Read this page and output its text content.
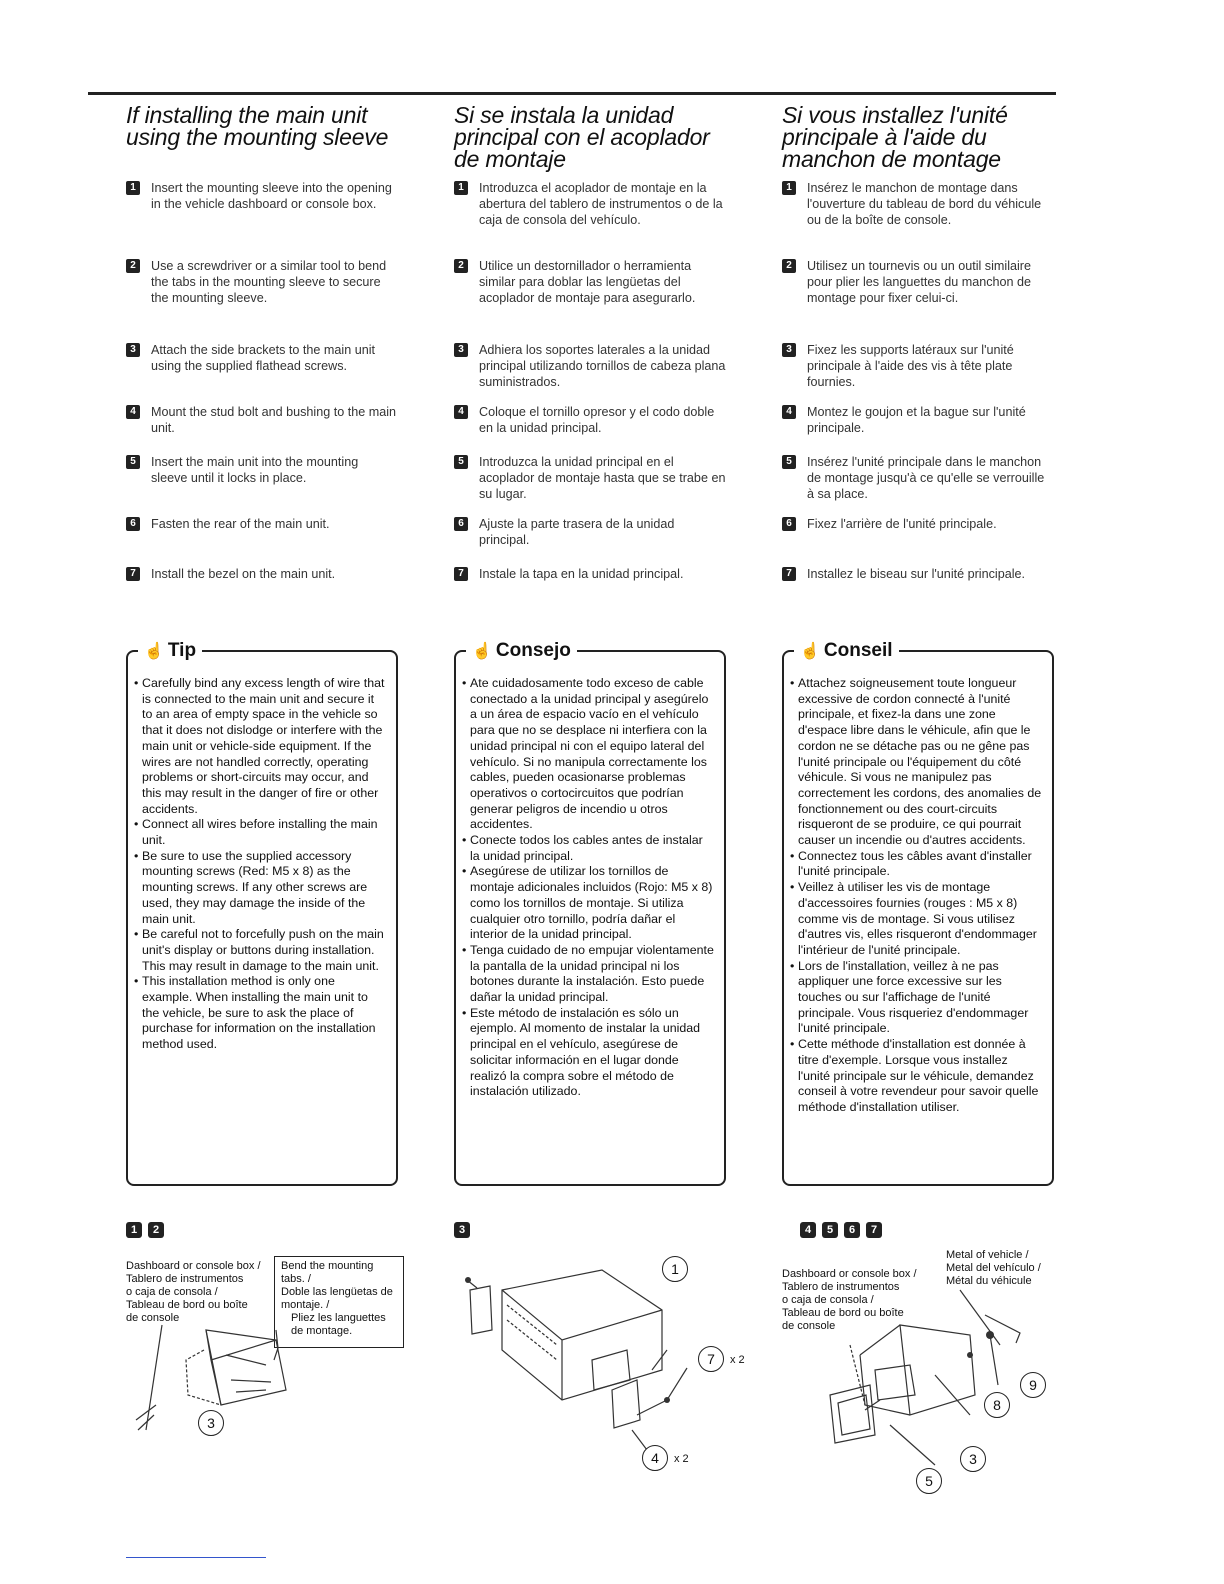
If installing the main unit using the mounting sleeve
Si se instala la unidad principal con el acoplador de montaje
Si vous installez l'unité principale à l'aide du manchon de montage
1	Insert the mounting sleeve into the opening in the vehicle dashboard or console box.
2	Use a screwdriver or a similar tool to bend the tabs in the mounting sleeve to secure the mounting sleeve.
3	Attach the side brackets to the main unit using the supplied flathead screws.
4	Mount the stud bolt and bushing to the main unit.
5	Insert the main unit into the mounting sleeve until it locks in place.
6	Fasten the rear of the main unit.
7	Install the bezel on the main unit.
1	Introduzca el acoplador de montaje en la abertura del tablero de instrumentos o de la caja de consola del vehículo.
2	Utilice un destornillador o herramienta similar para doblar las lengüetas del acoplador de montaje para asegurarlo.
3	Adhiera los soportes laterales a la unidad principal utilizando tornillos de cabeza plana suministrados.
4	Coloque el tornillo opresor y el codo doble en la unidad principal.
5	Introduzca la unidad principal en el acoplador de montaje hasta que se trabe en su lugar.
6	Ajuste la parte trasera de la unidad principal.
7	Instale la tapa en la unidad principal.
1	Insérez le manchon de montage dans l'ouverture du tableau de bord du véhicule ou de la boîte de console.
2	Utilisez un tournevis ou un outil similaire pour plier les languettes du manchon de montage pour fixer celui-ci.
3	Fixez les supports latéraux sur l'unité principale à l'aide des vis à tête plate fournies.
4	Montez le goujon et la bague sur l'unité principale.
5	Insérez l'unité principale dans le manchon de montage jusqu'à ce qu'elle se verrouille à sa place.
6	Fixez l'arrière de l'unité principale.
7	Installez le biseau sur l'unité principale.
☝ Tip
• Carefully bind any excess length of wire that is connected to the main unit and secure it to an area of empty space in the vehicle so that it does not dislodge or interfere with the main unit or vehicle-side equipment. If the wires are not handled correctly, operating problems or short-circuits may occur, and this may result in the danger of fire or other accidents.
• Connect all wires before installing the main unit.
• Be sure to use the supplied accessory mounting screws (Red: M5 x 8) as the mounting screws. If any other screws are used, they may damage the inside of the main unit.
• Be careful not to forcefully push on the main unit's display or buttons during installation. This may result in damage to the main unit.
• This installation method is only one example. When installing the main unit to the vehicle, be sure to ask the place of purchase for information on the installation method used.
☝ Consejo
• Ate cuidadosamente todo exceso de cable conectado a la unidad principal y asegúrelo a un área de espacio vacío en el vehículo para que no se desplace ni interfiera con la unidad principal ni con el equipo lateral del vehículo. Si no manipula correctamente los cables, pueden ocasionarse problemas operativos o cortocircuitos que podrían generar peligros de incendio u otros accidentes.
• Conecte todos los cables antes de instalar la unidad principal.
• Asegúrese de utilizar los tornillos de montaje adicionales incluidos (Rojo: M5 x 8) como los tornillos de montaje. Si utiliza cualquier otro tornillo, podría dañar el interior de la unidad principal.
• Tenga cuidado de no empujar violentamente la pantalla de la unidad principal ni los botones durante la instalación. Esto puede dañar la unidad principal.
• Este método de instalación es sólo un ejemplo. Al momento de instalar la unidad principal en el vehículo, asegúrese de solicitar información en el lugar donde realizó la compra sobre el método de instalación utilizado.
☝ Conseil
• Attachez soigneusement toute longueur excessive de cordon connecté à l'unité principale, et fixez-la dans une zone d'espace libre dans le véhicule, afin que le cordon ne se détache pas ou ne gêne pas l'unité principale ou l'équipement du côté véhicule. Si vous ne manipulez pas correctement les cordons, des anomalies de fonctionnement ou des court-circuits risqueront de se produire, ce qui pourrait causer un incendie ou d'autres accidents.
• Connectez tous les câbles avant d'installer l'unité principale.
• Veillez à utiliser les vis de montage d'accessoires fournies (rouges : M5 x 8) comme vis de montage. Si vous utilisez d'autres vis, elles risqueront d'endommager l'intérieur de l'unité principale.
• Lors de l'installation, veillez à ne pas appliquer une force excessive sur les touches ou sur l'affichage de l'unité principale. Vous risqueriez d'endommager l'unité principale.
• Cette méthode d'installation est donnée à titre d'exemple. Lorsque vous installez l'unité principale sur le véhicule, demandez conseil à votre revendeur pour savoir quelle méthode d'installation utiliser.
1	2
Dashboard or console box /
Tablero de instrumentos
o caja de consola /
Tableau de bord ou boîte
de console
Bend the mounting
tabs. /
Doble las lengüetas de
montaje. /
Pliez les languettes
de montage.
3
3
1
7	x 2
4	x 2
4	5	6	7
Metal of vehicle /
Metal del vehículo /
Métal du véhicule
Dashboard or console box /
Tablero de instrumentos
o caja de consola /
Tableau de bord ou boîte
de console
9
8
3
5
